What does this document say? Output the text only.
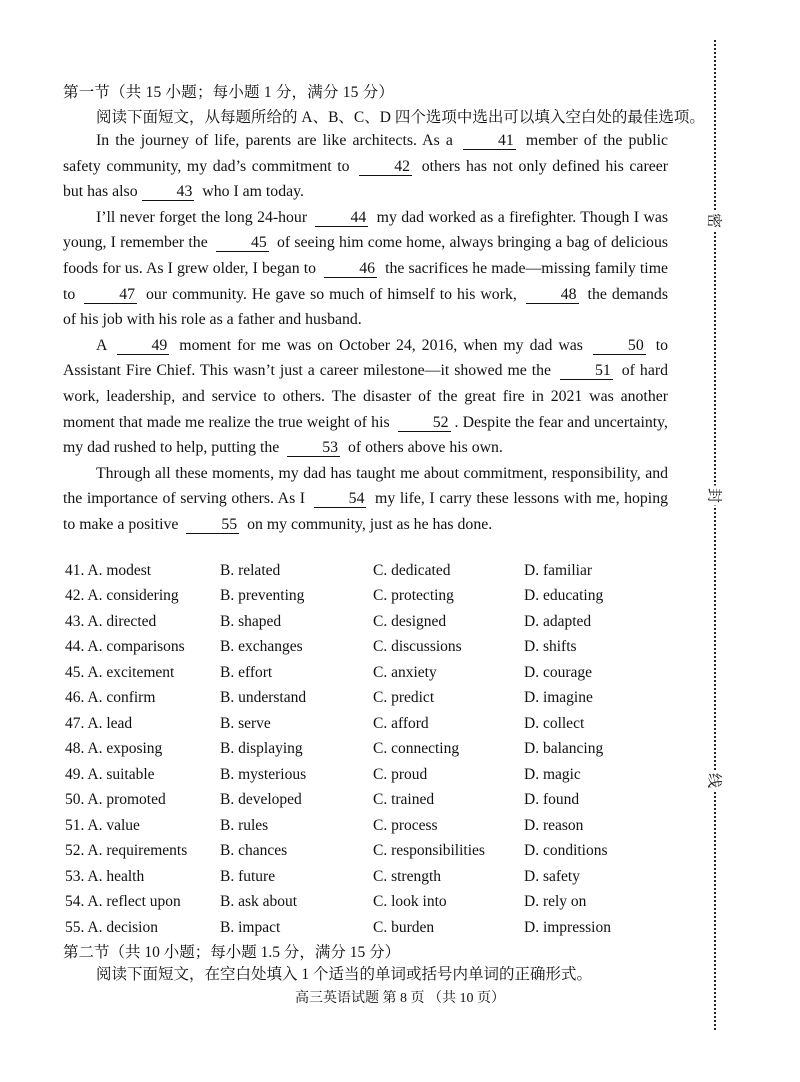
第一节（共 15 小题；每小题 1 分，满分 15 分）
阅读下面短文，从每题所给的 A、B、C、D 四个选项中选出可以填入空白处的最佳选项。

In the journey of life, parents are like architects. As a 41 member of the public safety community, my dad’s commitment to 42 others has not only defined his career but has also 43 who I am today.

I’ll never forget the long 24-hour 44 my dad worked as a firefighter. Though I was young, I remember the 45 of seeing him come home, always bringing a bag of delicious foods for us. As I grew older, I began to 46 the sacrifices he made—missing family time to 47 our community. He gave so much of himself to his work, 48 the demands of his job with his role as a father and husband.

A 49 moment for me was on October 24, 2016, when my dad was 50 to Assistant Fire Chief. This wasn’t just a career milestone—it showed me the 51 of hard work, leadership, and service to others. The disaster of the great fire in 2021 was another moment that made me realize the true weight of his 52 . Despite the fear and uncertainty, my dad rushed to help, putting the 53 of others above his own.

Through all these moments, my dad has taught me about commitment, responsibility, and the importance of serving others. As I 54 my life, I carry these lessons with me, hoping to make a positive 55 on my community, just as he has done.

41. A. modest	B. related	C. dedicated	D. familiar
42. A. considering	B. preventing	C. protecting	D. educating
43. A. directed	B. shaped	C. designed	D. adapted
44. A. comparisons	B. exchanges	C. discussions	D. shifts
45. A. excitement	B. effort	C. anxiety	D. courage
46. A. confirm	B. understand	C. predict	D. imagine
47. A. lead	B. serve	C. afford	D. collect
48. A. exposing	B. displaying	C. connecting	D. balancing
49. A. suitable	B. mysterious	C. proud	D. magic
50. A. promoted	B. developed	C. trained	D. found
51. A. value	B. rules	C. process	D. reason
52. A. requirements	B. chances	C. responsibilities	D. conditions
53. A. health	B. future	C. strength	D. safety
54. A. reflect upon	B. ask about	C. look into	D. rely on
55. A. decision	B. impact	C. burden	D. impression
第二节（共 10 小题；每小题 1.5 分，满分 15 分）
阅读下面短文，在空白处填入 1 个适当的单词或括号内单词的正确形式。
高三英语试题 第 8 页 （共 10 页）
密
封
线
